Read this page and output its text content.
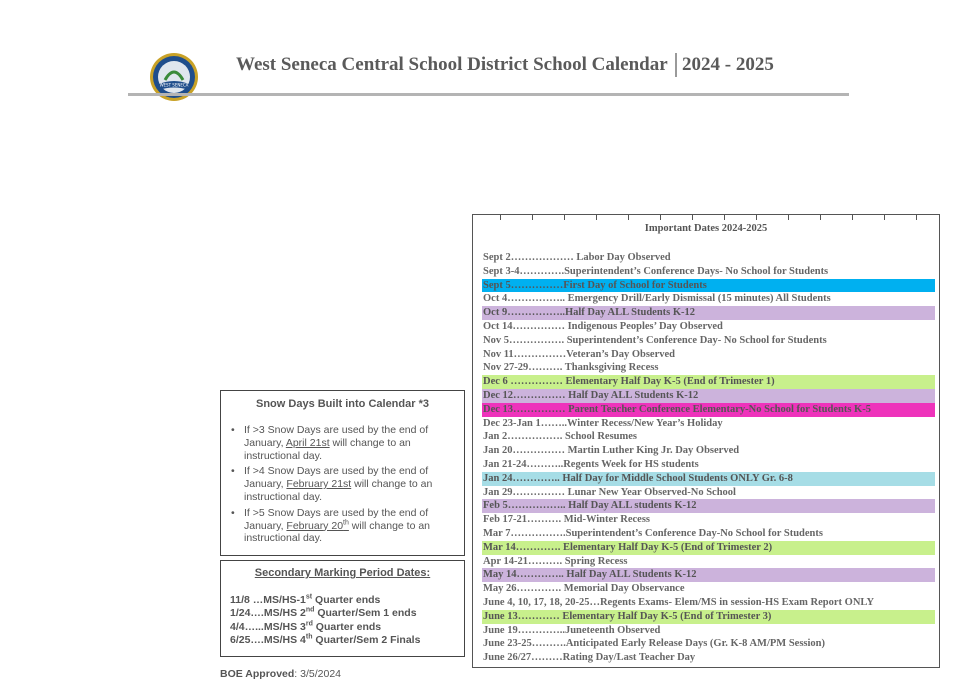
WEST SENECA
West Seneca Central School District School Calendar 2024 - 2025
Important Dates 2024-2025
Sept 2……………… Labor Day Observed
Sept 3-4………….Superintendent’s Conference Days- No School for Students
Sept 5……………First Day of School for Students
Oct 4…………….. Emergency Drill/Early Dismissal (15 minutes) All Students
Oct 9……………..Half Day ALL Students K-12
Oct 14…………… Indigenous Peoples’ Day Observed
Nov 5……………. Superintendent’s Conference Day- No School for Students
Nov 11……………Veteran’s Day Observed
Nov 27-29………. Thanksgiving Recess
Dec 6 …………… Elementary Half Day K-5 (End of Trimester 1)
Dec 12…………… Half Day ALL Students K-12
Dec 13…………… Parent Teacher Conference Elementary-No School for Students K-5
Dec 23-Jan 1……..Winter Recess/New Year’s Holiday
Jan 2……………. School Resumes
Jan 20…………… Martin Luther King Jr. Day Observed
Jan 21-24………..Regents Week for HS students
Jan 24………….. Half Day for Middle School Students ONLY Gr. 6-8
Jan 29…………… Lunar New Year Observed-No School
Feb 5…………….. Half Day ALL students K-12
Feb 17-21………. Mid-Winter Recess
Mar 7…………….Superintendent’s Conference Day-No School for Students
Mar 14…………. Elementary Half Day K-5 (End of Trimester 2)
Apr 14-21………. Spring Recess
May 14………….. Half Day ALL Students K-12
May 26…………. Memorial Day Observance
June 4, 10, 17, 18, 20-25…Regents Exams- Elem/MS in session-HS Exam Report ONLY
June 13………… Elementary Half Day K-5 (End of Trimester 3)
June 19…………..Juneteenth Observed
June 23-25……….Anticipated Early Release Days (Gr. K-8 AM/PM Session)
June 26/27………Rating Day/Last Teacher Day
Snow Days Built into Calendar *3
• If >3 Snow Days are used by the end of January, April 21st will change to an instructional day.
• If >4 Snow Days are used by the end of January, February 21st will change to an instructional day.
• If >5 Snow Days are used by the end of January, February 20th will change to an instructional day.
Secondary Marking Period Dates:
11/8 …MS/HS-1st Quarter ends
1/24….MS/HS 2nd Quarter/Sem 1 ends
4/4…...MS/HS 3rd Quarter ends
6/25….MS/HS 4th Quarter/Sem 2 Finals
BOE Approved: 3/5/2024
